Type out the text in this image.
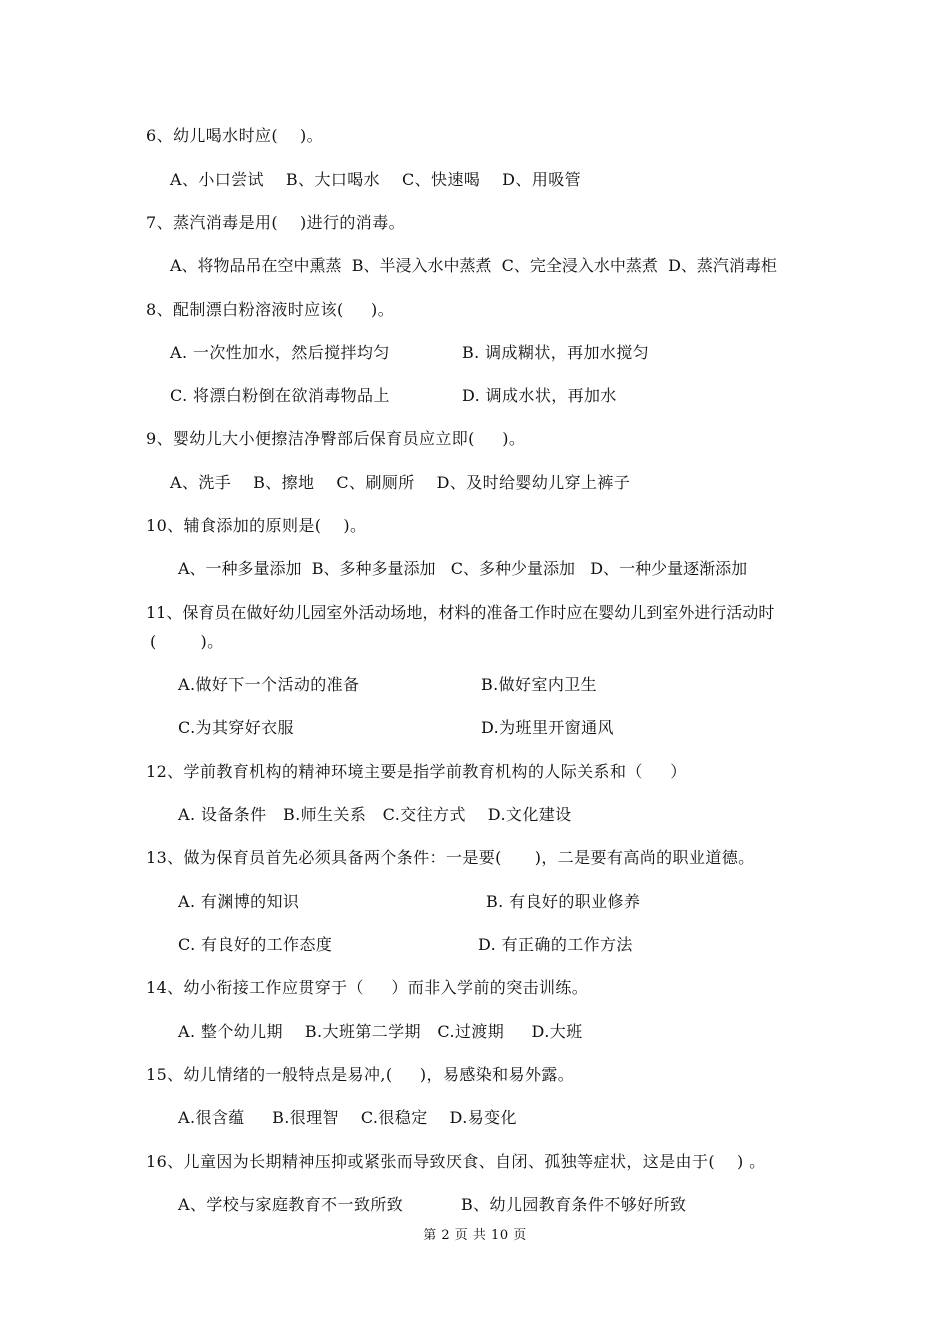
6、幼儿喝水时应(    )。
A、小口尝试    B、大口喝水    C、快速喝    D、用吸管
7、蒸汽消毒是用(    )进行的消毒。
A、将物品吊在空中熏蒸  B、半浸入水中蒸煮  C、完全浸入水中蒸煮  D、蒸汽消毒柜
8、配制漂白粉溶液时应该(     )。
A. 一次性加水，然后搅拌均匀	B. 调成糊状，再加水搅匀
C. 将漂白粉倒在欲消毒物品上	D. 调成水状，再加水
9、婴幼儿大小便擦洁净臀部后保育员应立即(     )。
A、洗手    B、擦地    C、刷厕所    D、及时给婴幼儿穿上裤子
10、辅食添加的原则是(    )。
A、一种多量添加  B、多种多量添加   C、多种少量添加   D、一种少量逐渐添加
11、保育员在做好幼儿园室外活动场地，材料的准备工作时应在婴幼儿到室外进行活动时
(        )。
A.做好下一个活动的准备	B.做好室内卫生
C.为其穿好衣服	D.为班里开窗通风
12、学前教育机构的精神环境主要是指学前教育机构的人际关系和（     ）
A. 设备条件   B.师生关系   C.交往方式    D.文化建设
13、做为保育员首先必须具备两个条件：一是要(      )，二是要有高尚的职业道德。
A. 有渊博的知识	B. 有良好的职业修养
C. 有良好的工作态度	D. 有正确的工作方法
14、幼小衔接工作应贯穿于（     ）而非入学前的突击训练。
A. 整个幼儿期    B.大班第二学期   C.过渡期     D.大班
15、幼儿情绪的一般特点是易冲,(     )，易感染和易外露。
A.很含蕴     B.很理智    C.很稳定    D.易变化
16、儿童因为长期精神压抑或紧张而导致厌食、自闭、孤独等症状，这是由于(    ) 。
A、学校与家庭教育不一致所致	B、幼儿园教育条件不够好所致
第 2 页 共 10 页
